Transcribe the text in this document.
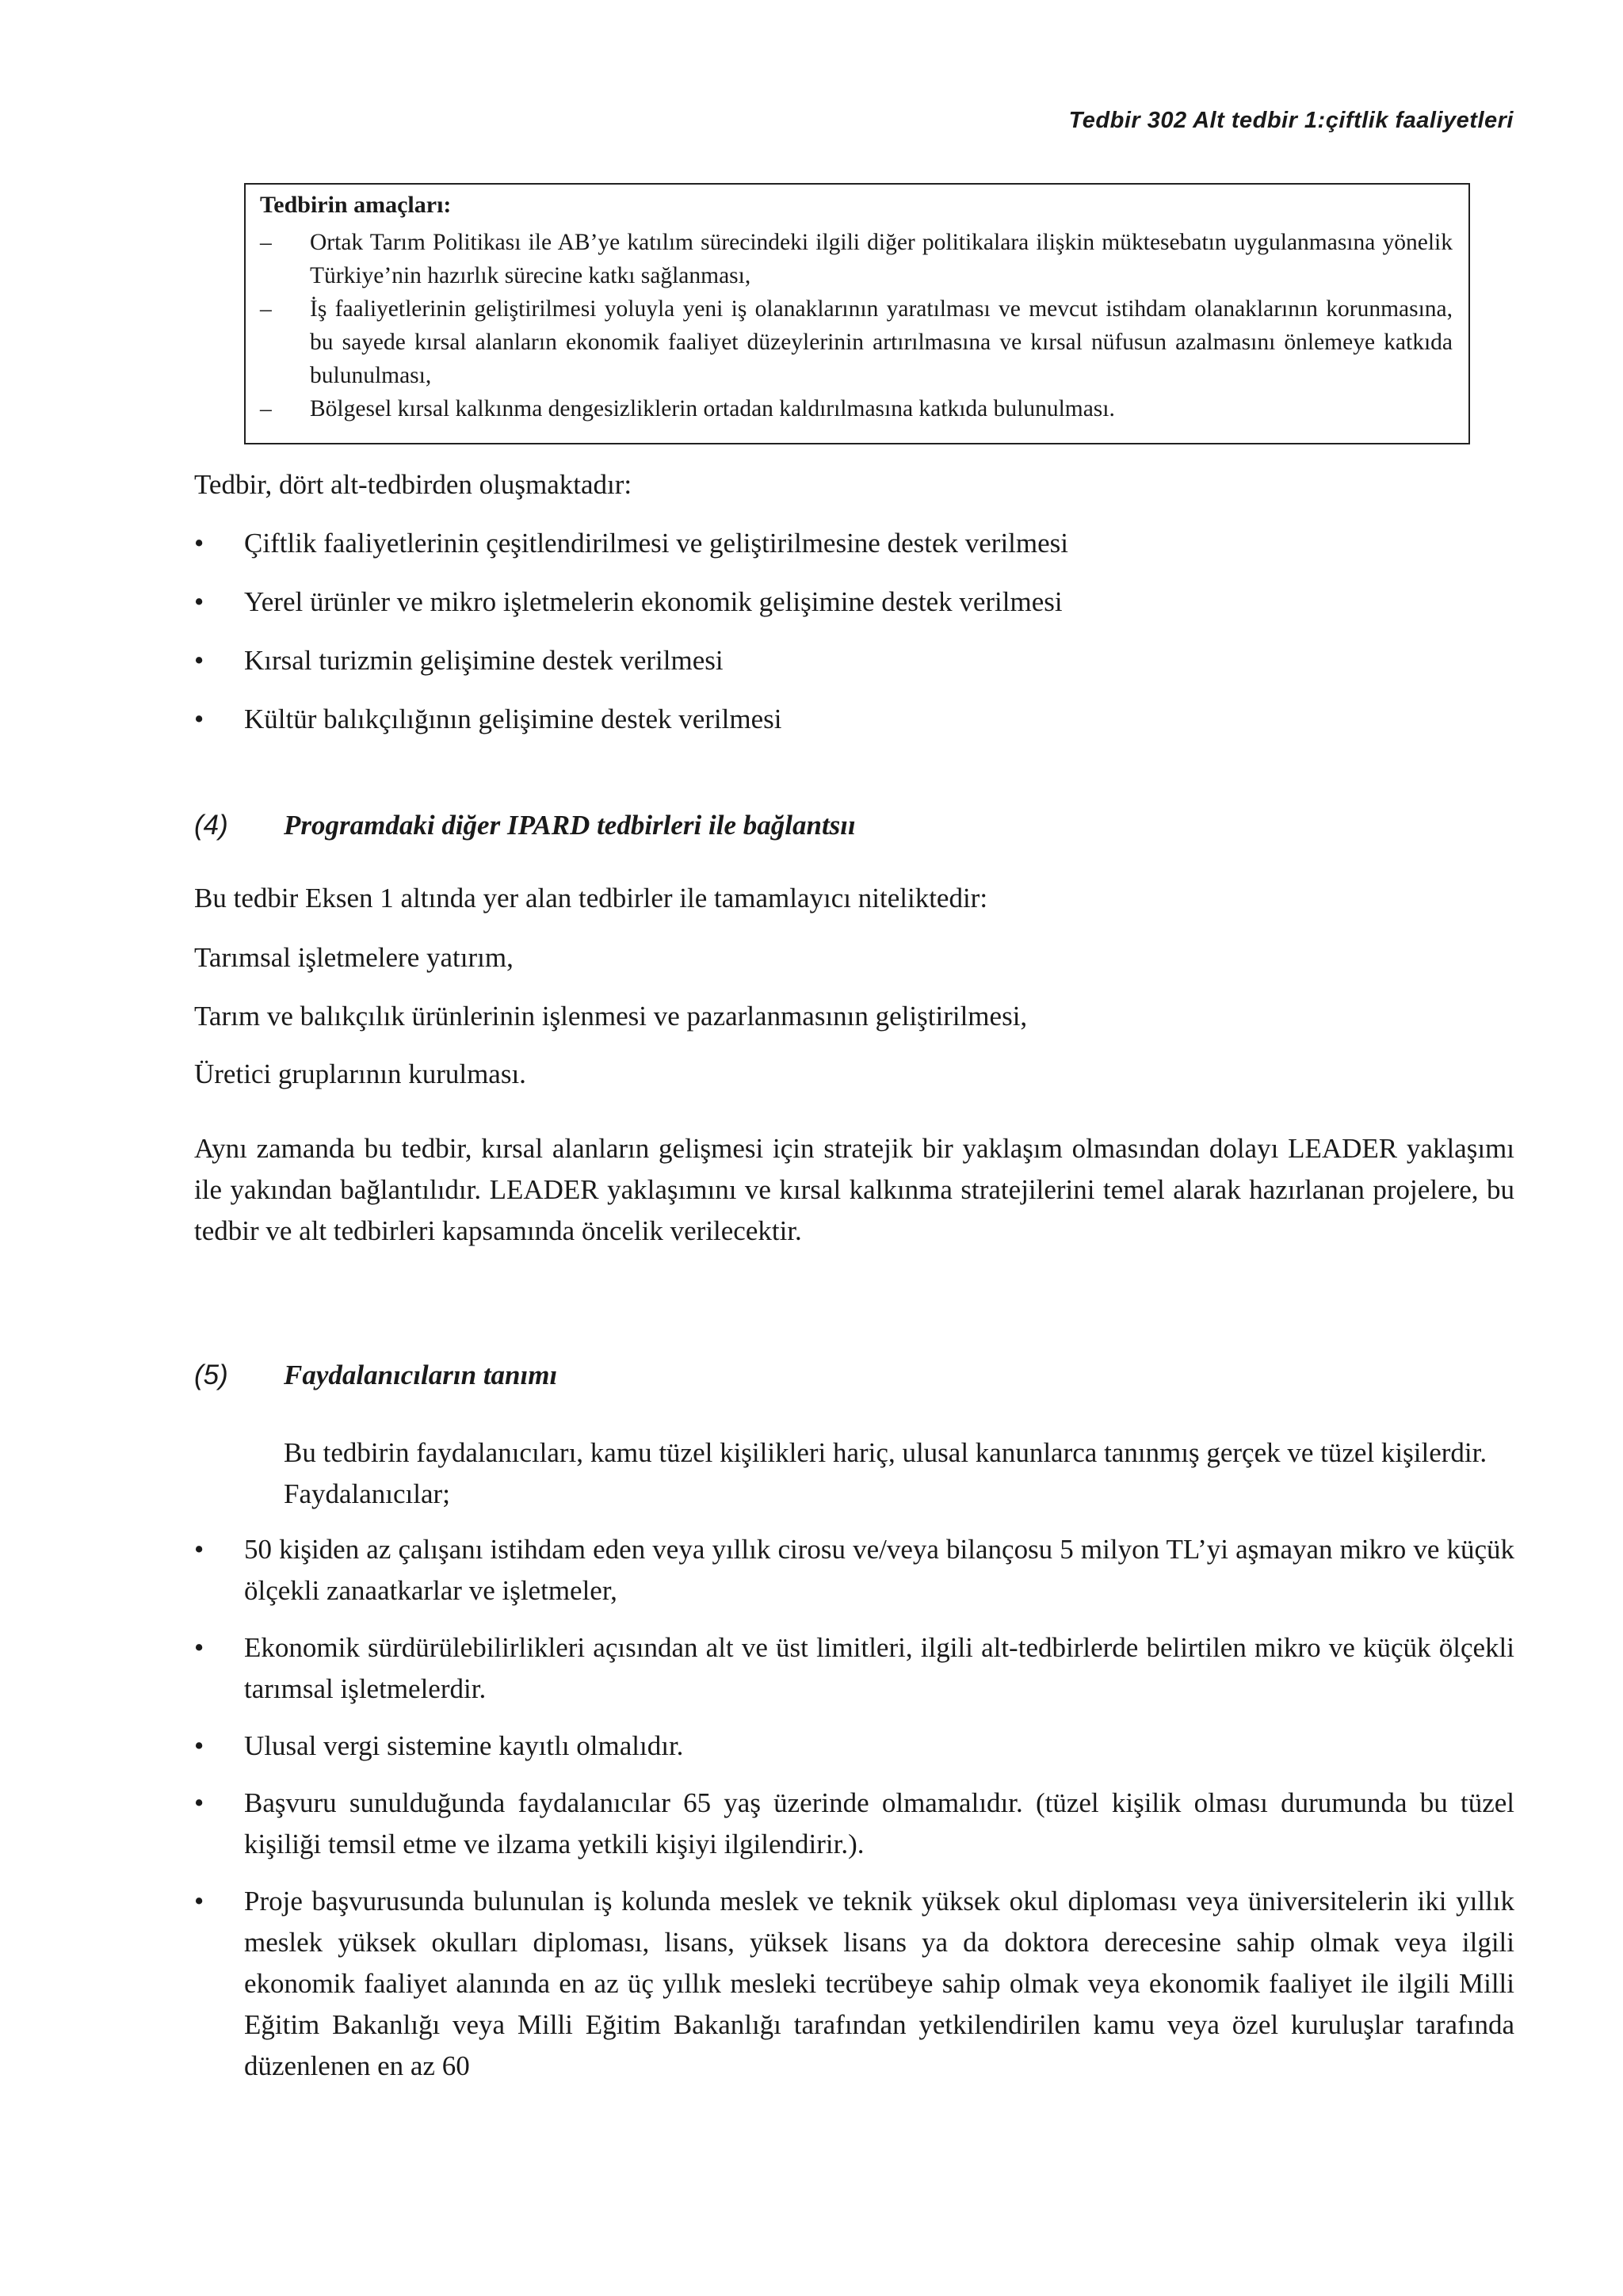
Tedbir 302 Alt tedbir 1:çiftlik faaliyetleri
Tedbirin amaçları:
– Ortak Tarım Politikası ile AB’ye katılım sürecindeki ilgili diğer politikalara ilişkin müktesebatın uygulanmasına yönelik Türkiye’nin hazırlık sürecine katkı sağlanması,
– İş faaliyetlerinin geliştirilmesi yoluyla yeni iş olanaklarının yaratılması ve mevcut istihdam olanaklarının korunmasına, bu sayede kırsal alanların ekonomik faaliyet düzeylerinin artırılmasına ve kırsal nüfusun azalmasını önlemeye katkıda bulunulması,
– Bölgesel kırsal kalkınma dengesizliklerin ortadan kaldırılmasına katkıda bulunulması.
Tedbir, dört alt-tedbirden oluşmaktadır:
• Çiftlik faaliyetlerinin çeşitlendirilmesi ve geliştirilmesine destek verilmesi
• Yerel ürünler ve mikro işletmelerin ekonomik gelişimine destek verilmesi
• Kırsal turizmin gelişimine destek verilmesi
• Kültür balıkçılığının gelişimine destek verilmesi
(4) Programdaki diğer IPARD tedbirleri ile bağlantsıı
Bu tedbir Eksen 1 altında yer alan tedbirler ile tamamlayıcı niteliktedir:
Tarımsal işletmelere yatırım,
Tarım ve balıkçılık ürünlerinin işlenmesi ve pazarlanmasının geliştirilmesi,
Üretici gruplarının kurulması.
Aynı zamanda bu tedbir, kırsal alanların gelişmesi için stratejik bir yaklaşım olmasından dolayı LEADER yaklaşımı ile yakından bağlantılıdır. LEADER yaklaşımını ve kırsal kalkınma stratejilerini temel alarak hazırlanan projelere, bu tedbir ve alt tedbirleri kapsamında öncelik verilecektir.
(5) Faydalanıcıların tanımı
Bu tedbirin faydalanıcıları, kamu tüzel kişilikleri hariç, ulusal kanunlarca tanınmış gerçek ve tüzel kişilerdir. Faydalanıcılar;
• 50 kişiden az çalışanı istihdam eden veya yıllık cirosu ve/veya bilançosu 5 milyon TL’yi aşmayan mikro ve küçük ölçekli zanaatkarlar ve işletmeler,
• Ekonomik sürdürülebilirlikleri açısından alt ve üst limitleri, ilgili alt-tedbirlerde belirtilen mikro ve küçük ölçekli tarımsal işletmelerdir.
• Ulusal vergi sistemine kayıtlı olmalıdır.
• Başvuru sunulduğunda faydalanıcılar 65 yaş üzerinde olmamalıdır. (tüzel kişilik olması durumunda bu tüzel kişiliği temsil etme ve ilzama yetkili kişiyi ilgilendirir.).
• Proje başvurusunda bulunulan iş kolunda meslek ve teknik yüksek okul diploması veya üniversitelerin iki yıllık meslek yüksek okulları diploması, lisans, yüksek lisans ya da doktora derecesine sahip olmak veya ilgili ekonomik faaliyet alanında en az üç yıllık mesleki tecrübeye sahip olmak veya ekonomik faaliyet ile ilgili Milli Eğitim Bakanlığı veya Milli Eğitim Bakanlığı tarafından yetkilendirilen kamu veya özel kuruluşlar tarafında düzenlenen en az 60
